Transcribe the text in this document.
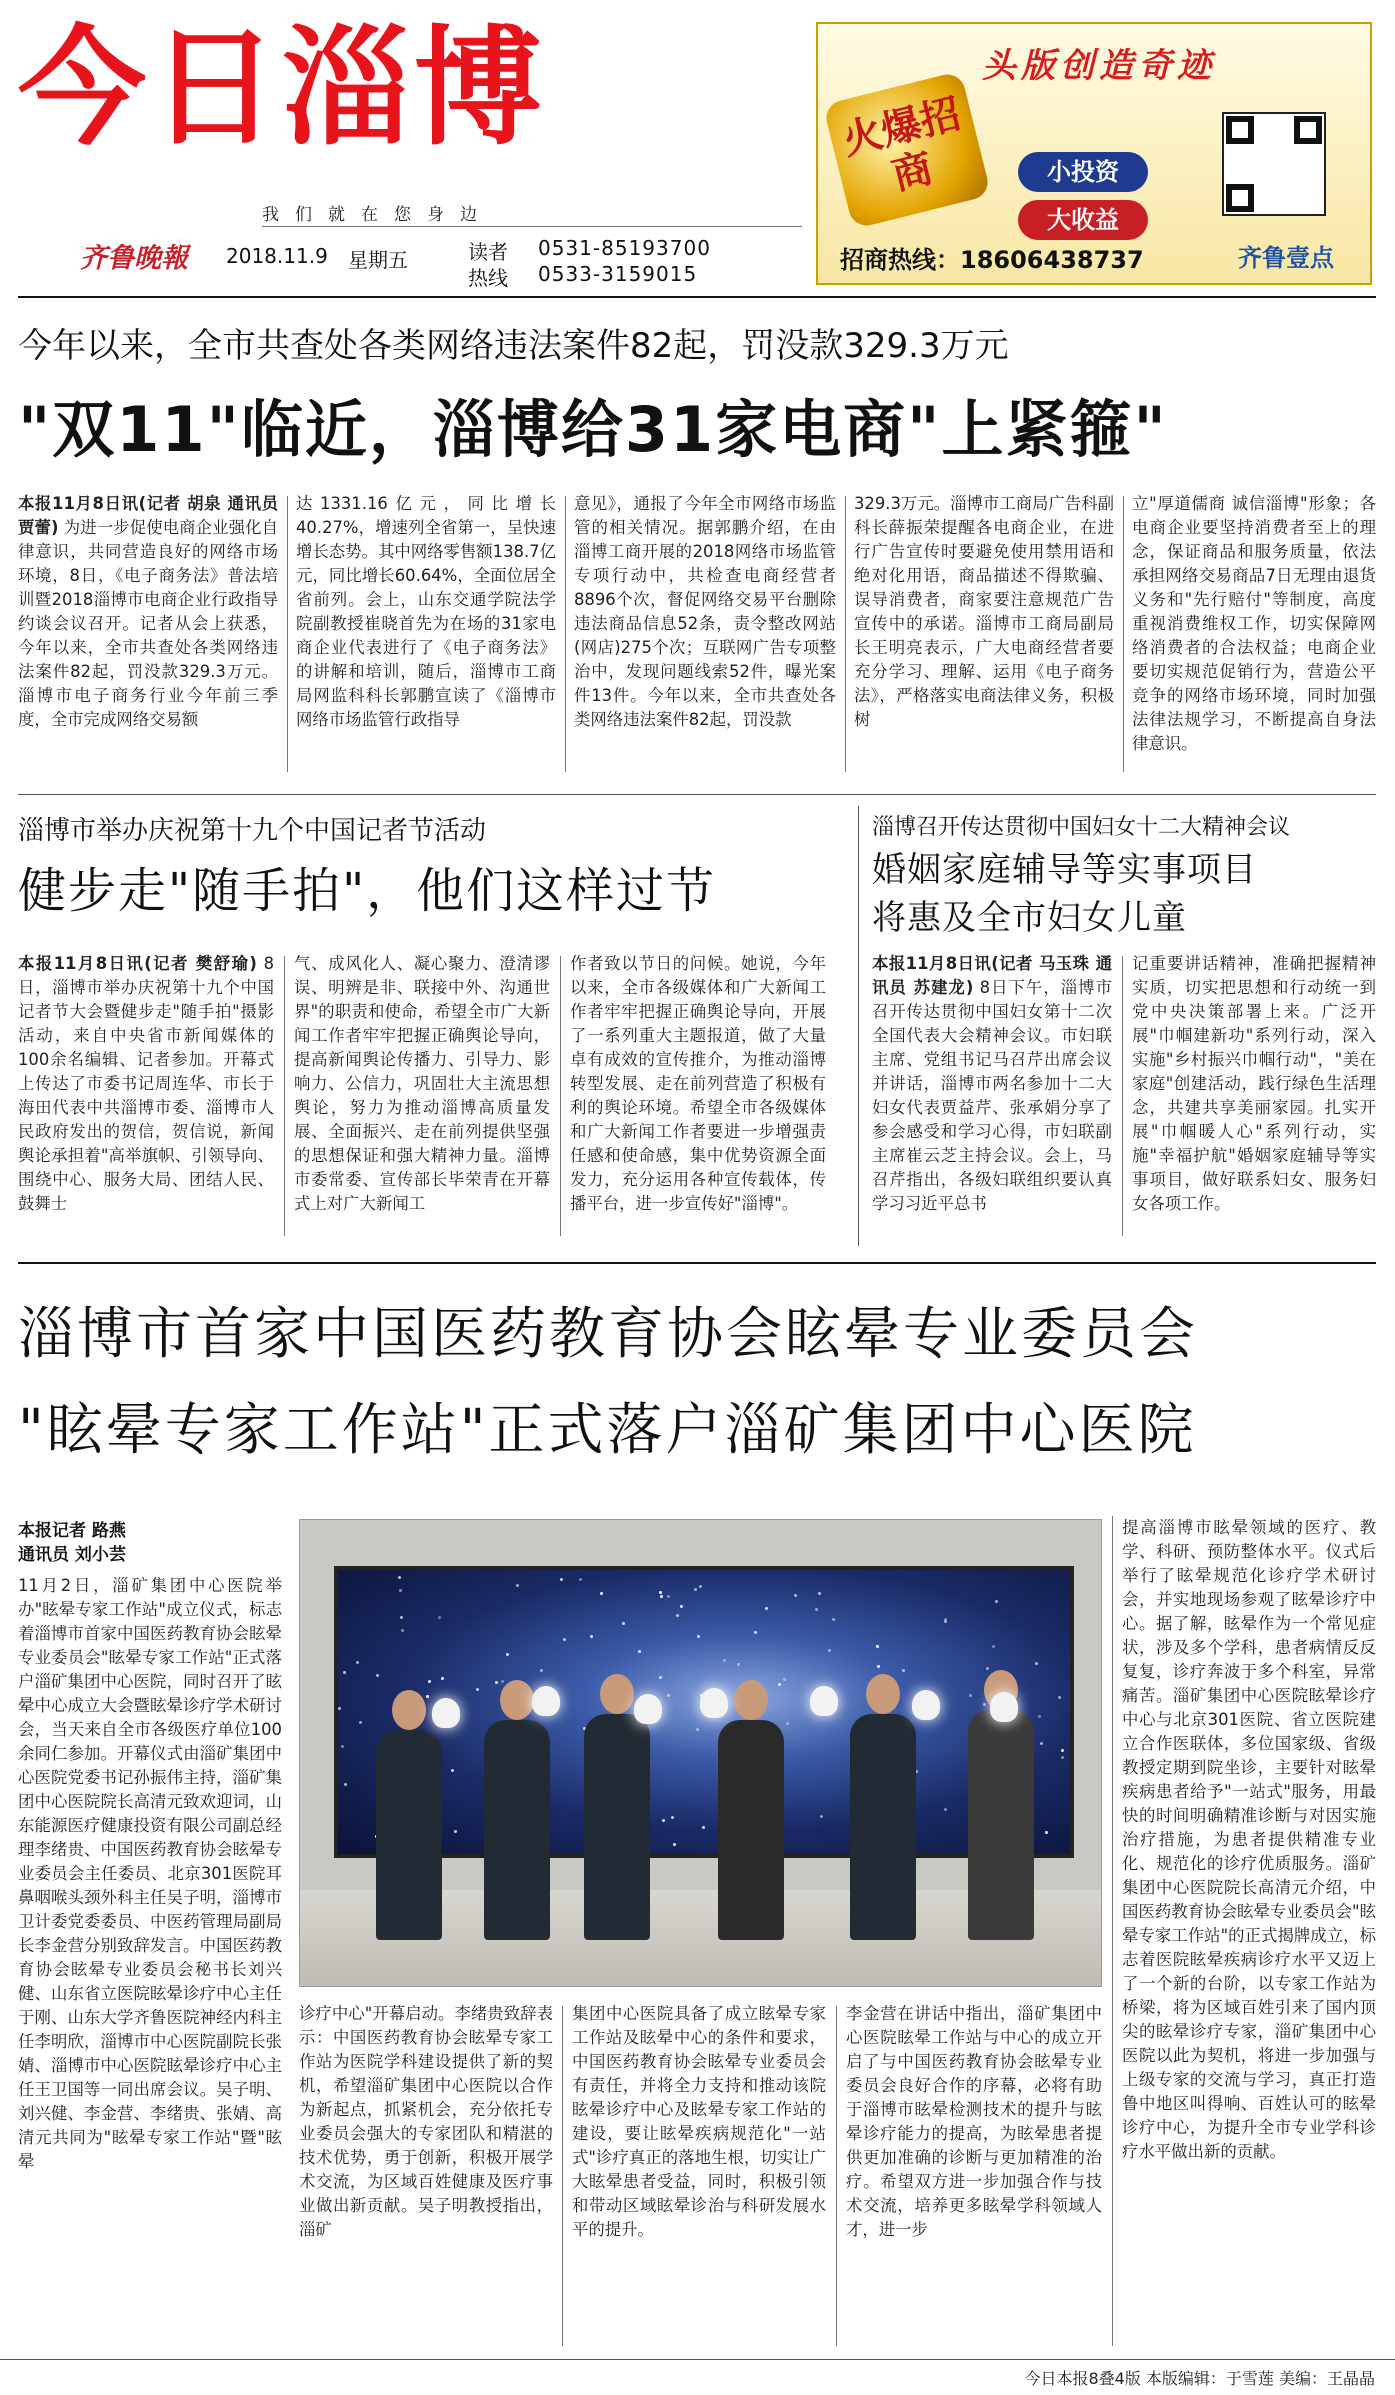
今日淄博
我们就在您身边
齐鲁晚報 2018.11.9 星期五	读者
热线
0531-85193700
0533-3159015
头版创造奇迹
火爆招商	小投资
大收益
招商热线：18606438737	齐鲁壹点
今年以来，全市共查处各类网络违法案件82起，罚没款329.3万元
"双11"临近，淄博给31家电商"上紧箍"
本报11月8日讯(记者 胡泉 通讯员 贾蕾) 为进一步促使电商企业强化自律意识，共同营造良好的网络市场环境，8日，《电子商务法》普法培训暨2018淄博市电商企业行政指导约谈会议召开。记者从会上获悉，今年以来，全市共查处各类网络违法案件82起，罚没款329.3万元。淄博市电子商务行业今年前三季度，全市完成网络交易额
达1331.16亿元，同比增长40.27%，增速列全省第一，呈快速增长态势。其中网络零售额138.7亿元，同比增长60.64%，全面位居全省前列。会上，山东交通学院法学院副教授崔晓首先为在场的31家电商企业代表进行了《电子商务法》的讲解和培训，随后，淄博市工商局网监科科长郭鹏宣读了《淄博市网络市场监管行政指导
意见》，通报了今年全市网络市场监管的相关情况。据郭鹏介绍，在由淄博工商开展的2018网络市场监管专项行动中，共检查电商经营者8896个次，督促网络交易平台删除违法商品信息52条，责令整改网站(网店)275个次；互联网广告专项整治中，发现问题线索52件，曝光案件13件。今年以来，全市共查处各类网络违法案件82起，罚没款
329.3万元。淄博市工商局广告科副科长薛振荣提醒各电商企业，在进行广告宣传时要避免使用禁用语和绝对化用语，商品描述不得欺骗、误导消费者，商家要注意规范广告宣传中的承诺。淄博市工商局副局长王明亮表示，广大电商经营者要充分学习、理解、运用《电子商务法》，严格落实电商法律义务，积极树
立"厚道儒商 诚信淄博"形象；各电商企业要坚持消费者至上的理念，保证商品和服务质量，依法承担网络交易商品7日无理由退货义务和"先行赔付"等制度，高度重视消费维权工作，切实保障网络消费者的合法权益；电商企业要切实规范促销行为，营造公平竞争的网络市场环境，同时加强法律法规学习，不断提高自身法律意识。
淄博市举办庆祝第十九个中国记者节活动
健步走"随手拍"，他们这样过节
本报11月8日讯(记者 樊舒瑜) 8日，淄博市举办庆祝第十九个中国记者节大会暨健步走"随手拍"摄影活动，来自中央省市新闻媒体的100余名编辑、记者参加。开幕式上传达了市委书记周连华、市长于海田代表中共淄博市委、淄博市人民政府发出的贺信，贺信说，新闻舆论承担着"高举旗帜、引领导向、围绕中心、服务大局、团结人民、鼓舞士
气、成风化人、凝心聚力、澄清谬误、明辨是非、联接中外、沟通世界"的职责和使命，希望全市广大新闻工作者牢牢把握正确舆论导向，提高新闻舆论传播力、引导力、影响力、公信力，巩固壮大主流思想舆论，努力为推动淄博高质量发展、全面振兴、走在前列提供坚强的思想保证和强大精神力量。淄博市委常委、宣传部长毕荣青在开幕式上对广大新闻工
作者致以节日的问候。她说，今年以来，全市各级媒体和广大新闻工作者牢牢把握正确舆论导向，开展了一系列重大主题报道，做了大量卓有成效的宣传推介，为推动淄博转型发展、走在前列营造了积极有利的舆论环境。希望全市各级媒体和广大新闻工作者要进一步增强责任感和使命感，集中优势资源全面发力，充分运用各种宣传载体，传播平台，进一步宣传好"淄博"。
淄博召开传达贯彻中国妇女十二大精神会议
婚姻家庭辅导等实事项目
将惠及全市妇女儿童
本报11月8日讯(记者 马玉珠 通讯员 苏建龙) 8日下午，淄博市召开传达贯彻中国妇女第十二次全国代表大会精神会议。市妇联主席、党组书记马召芹出席会议并讲话，淄博市两名参加十二大妇女代表贾益芹、张承娟分享了参会感受和学习心得，市妇联副主席崔云芝主持会议。会上，马召芹指出，各级妇联组织要认真学习习近平总书
记重要讲话精神，准确把握精神实质，切实把思想和行动统一到党中央决策部署上来。广泛开展"巾帼建新功"系列行动，深入实施"乡村振兴巾帼行动"，"美在家庭"创建活动，践行绿色生活理念，共建共享美丽家园。扎实开展"巾帼暖人心"系列行动，实施"幸福护航"婚姻家庭辅导等实事项目，做好联系妇女、服务妇女各项工作。
淄博市首家中国医药教育协会眩晕专业委员会
"眩晕专家工作站"正式落户淄矿集团中心医院
本报记者 路燕
通讯员 刘小芸
11月2日，淄矿集团中心医院举办"眩晕专家工作站"成立仪式，标志着淄博市首家中国医药教育协会眩晕专业委员会"眩晕专家工作站"正式落户淄矿集团中心医院，同时召开了眩晕中心成立大会暨眩晕诊疗学术研讨会，当天来自全市各级医疗单位100余同仁参加。开幕仪式由淄矿集团中心医院党委书记孙振伟主持，淄矿集团中心医院院长高清元致欢迎词，山东能源医疗健康投资有限公司副总经理李绪贵、中国医药教育协会眩晕专业委员会主任委员、北京301医院耳鼻咽喉头颈外科主任吴子明，淄博市卫计委党委委员、中医药管理局副局长李金营分别致辞发言。中国医药教育协会眩晕专业委员会秘书长刘兴健、山东省立医院眩晕诊疗中心主任于刚、山东大学齐鲁医院神经内科主任李明欣，淄博市中心医院副院长张婧、淄博市中心医院眩晕诊疗中心主任王卫国等一同出席会议。吴子明、刘兴健、李金营、李绪贵、张婧、高清元共同为"眩晕专家工作站"暨"眩晕
诊疗中心"开幕启动。李绪贵致辞表示：中国医药教育协会眩晕专家工作站为医院学科建设提供了新的契机，希望淄矿集团中心医院以合作为新起点，抓紧机会，充分依托专业委员会强大的专家团队和精湛的技术优势，勇于创新，积极开展学术交流，为区域百姓健康及医疗事业做出新贡献。吴子明教授指出，淄矿
集团中心医院具备了成立眩晕专家工作站及眩晕中心的条件和要求，中国医药教育协会眩晕专业委员会有责任，并将全力支持和推动该院眩晕诊疗中心及眩晕专家工作站的建设，要让眩晕疾病规范化"一站式"诊疗真正的落地生根，切实让广大眩晕患者受益，同时，积极引领和带动区域眩晕诊治与科研发展水平的提升。
李金营在讲话中指出，淄矿集团中心医院眩晕工作站与中心的成立开启了与中国医药教育协会眩晕专业委员会良好合作的序幕，必将有助于淄博市眩晕检测技术的提升与眩晕诊疗能力的提高，为眩晕患者提供更加准确的诊断与更加精准的治疗。希望双方进一步加强合作与技术交流，培养更多眩晕学科领域人才，进一步
提高淄博市眩晕领域的医疗、教学、科研、预防整体水平。仪式后举行了眩晕规范化诊疗学术研讨会，并实地现场参观了眩晕诊疗中心。据了解，眩晕作为一个常见症状，涉及多个学科，患者病情反反复复，诊疗奔波于多个科室，异常痛苦。淄矿集团中心医院眩晕诊疗中心与北京301医院、省立医院建立合作医联体，多位国家级、省级教授定期到院坐诊，主要针对眩晕疾病患者给予"一站式"服务，用最快的时间明确精准诊断与对因实施治疗措施，为患者提供精准专业化、规范化的诊疗优质服务。淄矿集团中心医院院长高清元介绍，中国医药教育协会眩晕专业委员会"眩晕专家工作站"的正式揭牌成立，标志着医院眩晕疾病诊疗水平又迈上了一个新的台阶，以专家工作站为桥梁，将为区域百姓引来了国内顶尖的眩晕诊疗专家，淄矿集团中心医院以此为契机，将进一步加强与上级专家的交流与学习，真正打造鲁中地区叫得响、百姓认可的眩晕诊疗中心，为提升全市专业学科诊疗水平做出新的贡献。
今日本报8叠4版 本版编辑：于雪莲 美编：王晶晶
